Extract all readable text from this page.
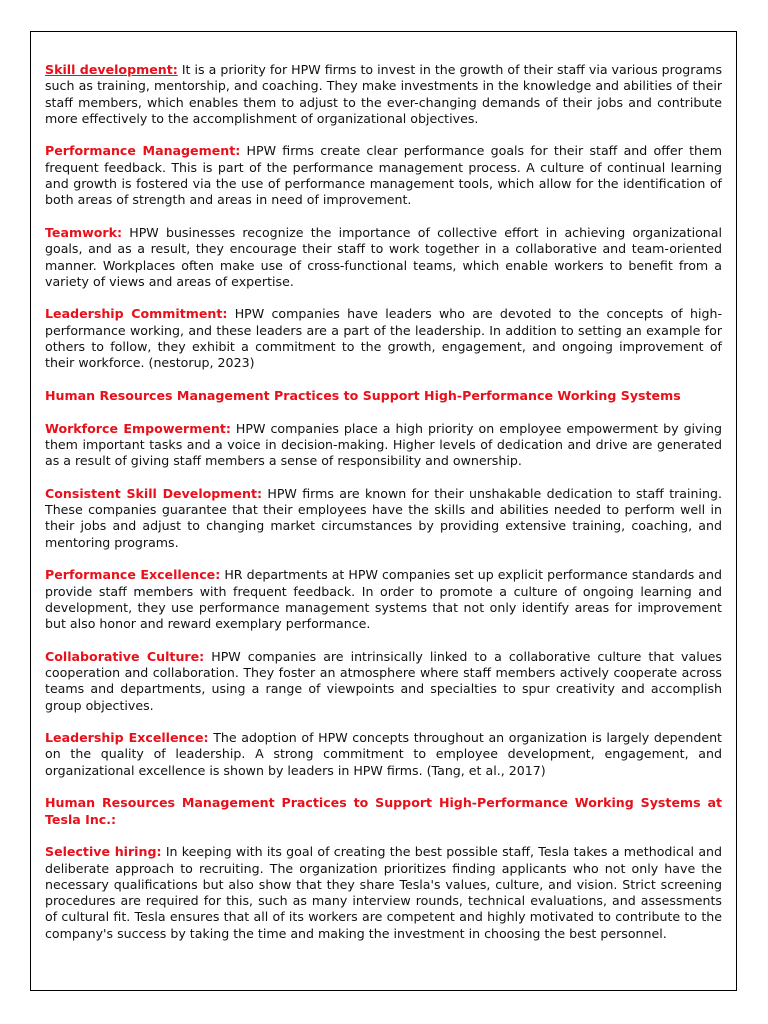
Skill development: It is a priority for HPW firms to invest in the growth of their staff via various programs such as training, mentorship, and coaching. They make investments in the knowledge and abilities of their staff members, which enables them to adjust to the ever-changing demands of their jobs and contribute more effectively to the accomplishment of organizational objectives.

Performance Management: HPW firms create clear performance goals for their staff and offer them frequent feedback. This is part of the performance management process. A culture of continual learning and growth is fostered via the use of performance management tools, which allow for the identification of both areas of strength and areas in need of improvement.

Teamwork: HPW businesses recognize the importance of collective effort in achieving organizational goals, and as a result, they encourage their staff to work together in a collaborative and team-oriented manner. Workplaces often make use of cross-functional teams, which enable workers to benefit from a variety of views and areas of expertise.

Leadership Commitment: HPW companies have leaders who are devoted to the concepts of high-performance working, and these leaders are a part of the leadership. In addition to setting an example for others to follow, they exhibit a commitment to the growth, engagement, and ongoing improvement of their workforce. (nestorup, 2023)

Human Resources Management Practices to Support High-Performance Working Systems

Workforce Empowerment: HPW companies place a high priority on employee empowerment by giving them important tasks and a voice in decision-making. Higher levels of dedication and drive are generated as a result of giving staff members a sense of responsibility and ownership.

Consistent Skill Development: HPW firms are known for their unshakable dedication to staff training. These companies guarantee that their employees have the skills and abilities needed to perform well in their jobs and adjust to changing market circumstances by providing extensive training, coaching, and mentoring programs.

Performance Excellence: HR departments at HPW companies set up explicit performance standards and provide staff members with frequent feedback. In order to promote a culture of ongoing learning and development, they use performance management systems that not only identify areas for improvement but also honor and reward exemplary performance.

Collaborative Culture: HPW companies are intrinsically linked to a collaborative culture that values cooperation and collaboration. They foster an atmosphere where staff members actively cooperate across teams and departments, using a range of viewpoints and specialties to spur creativity and accomplish group objectives.

Leadership Excellence: The adoption of HPW concepts throughout an organization is largely dependent on the quality of leadership. A strong commitment to employee development, engagement, and organizational excellence is shown by leaders in HPW firms. (Tang, et al., 2017)

Human Resources Management Practices to Support High-Performance Working Systems at Tesla Inc.:

Selective hiring: In keeping with its goal of creating the best possible staff, Tesla takes a methodical and deliberate approach to recruiting. The organization prioritizes finding applicants who not only have the necessary qualifications but also show that they share Tesla's values, culture, and vision. Strict screening procedures are required for this, such as many interview rounds, technical evaluations, and assessments of cultural fit. Tesla ensures that all of its workers are competent and highly motivated to contribute to the company's success by taking the time and making the investment in choosing the best personnel.
